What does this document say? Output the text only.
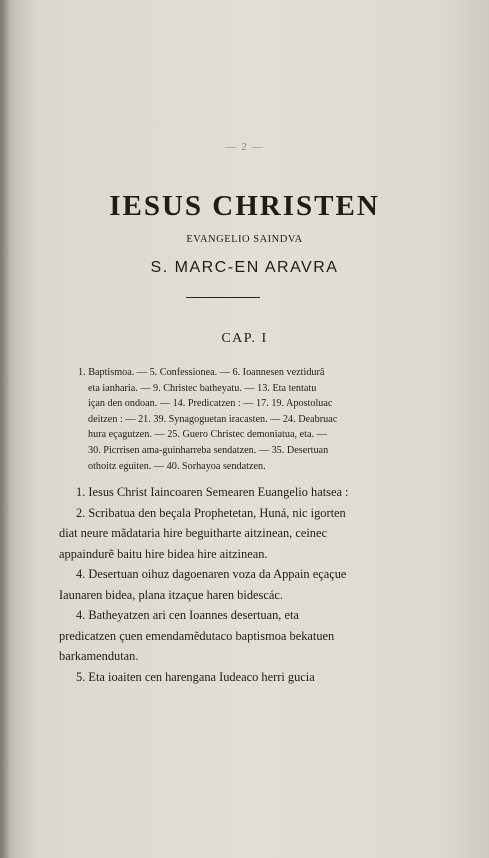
— 2 —
IESUS CHRISTEN
EVANGELIO SAINDVA
S. MARC-EN ARAVRA
CAP. I
1. Baptismoa. — 5. Confessionea. — 6. Ioannesen veztidurâ
eta ianharia. — 9. Christec batheyatu. — 13. Eta tentatu
içan den ondoan. — 14. Predicatzen : — 17. 19. Apostoluac
deitzen : — 21. 39. Synagoguetan iracasten. — 24. Deabruac
hura eçagutzen. — 25. Guero Christec demoniatua, eta. —
30. Picrrisen ama-guinharreba sendatzen. — 35. Desertuan
othoitz eguiten. — 40. Sorhayoa sendatzen.
1. Iesus Christ Iaincoaren Semearen Euangelio hatsea :
2. Scribatua den beçala Prophetetan, Huná, nic igorten
diat neure mãdataria hire beguitharte aitzinean, ceinec
appaindurẽ baitu hire bidea hire aitzinean.
4. Desertuan oihuz dagoenaren voza da Appain eçaçue
Iaunaren bidea, plana itzaçue haren bidescác.
4. Batheyatzen ari cen Ioannes desertuan, eta
predicatzen çuen emendamẽdutaco baptismoa bekatuen
barkamendutan.
5. Eta ioaiten cen harengana Iudeaco herri gucia
